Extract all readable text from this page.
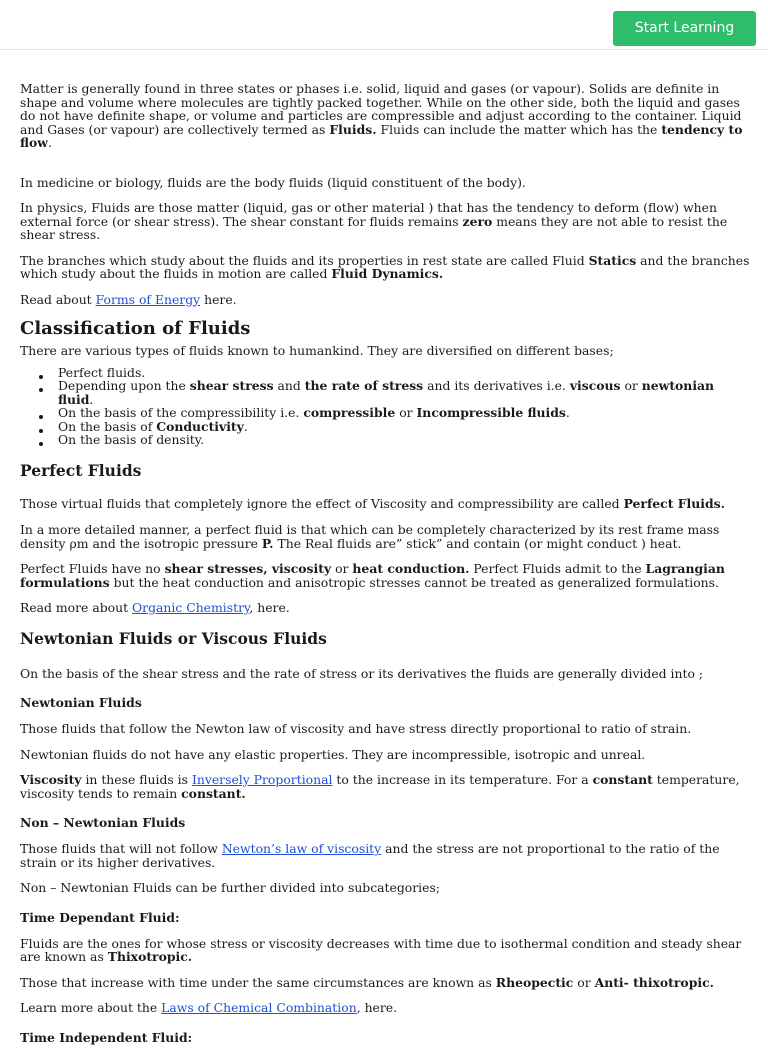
Start Learning

Matter is generally found in three states or phases i.e. solid, liquid and gases (or vapour). Solids are definite in shape and volume where molecules are tightly packed together. While on the other side, both the liquid and gases do not have definite shape, or volume and particles are compressible and adjust according to the container. Liquid and Gases (or vapour) are collectively termed as Fluids. Fluids can include the matter which has the tendency to flow.

In medicine or biology, fluids are the body fluids (liquid constituent of the body).

In physics, Fluids are those matter (liquid, gas or other material ) that has the tendency to deform (flow) when external force (or shear stress). The shear constant for fluids remains zero means they are not able to resist the shear stress.

The branches which study about the fluids and its properties in rest state are called Fluid Statics and the branches which study about the fluids in motion are called Fluid Dynamics.

Read about Forms of Energy here.

Classification of Fluids

There are various types of fluids known to humankind. They are diversified on different bases;

Perfect fluids.
Depending upon the shear stress and the rate of stress and its derivatives i.e. viscous or newtonian fluid.
On the basis of the compressibility i.e. compressible or Incompressible fluids.
On the basis of Conductivity.
On the basis of density.
Perfect Fluids

Those virtual fluids that completely ignore the effect of Viscosity and compressibility are called Perfect Fluids.

In a more detailed manner, a perfect fluid is that which can be completely characterized by its rest frame mass density ρm and the isotropic pressure P. The Real fluids are” stick” and contain (or might conduct ) heat.

Perfect Fluids have no shear stresses, viscosity or heat conduction. Perfect Fluids admit to the Lagrangian formulations but the heat conduction and anisotropic stresses cannot be treated as generalized formulations.

Read more about Organic Chemistry, here.

Newtonian Fluids or Viscous Fluids

On the basis of the shear stress and the rate of stress or its derivatives the fluids are generally divided into ;

Newtonian Fluids

Those fluids that follow the Newton law of viscosity and have stress directly proportional to ratio of strain.

Newtonian fluids do not have any elastic properties. They are incompressible, isotropic and unreal.

Viscosity in these fluids is Inversely Proportional to the increase in its temperature. For a constant temperature, viscosity tends to remain constant.

Non – Newtonian Fluids

Those fluids that will not follow Newton’s law of viscosity and the stress are not proportional to the ratio of the strain or its higher derivatives.

Non – Newtonian Fluids can be further divided into subcategories;

Time Dependant Fluid:

Fluids are the ones for whose stress or viscosity decreases with time due to isothermal condition and steady shear are known as Thixotropic.

Those that increase with time under the same circumstances are known as Rheopectic or Anti- thixotropic.

Learn more about the Laws of Chemical Combination, here.

Time Independent Fluid:
